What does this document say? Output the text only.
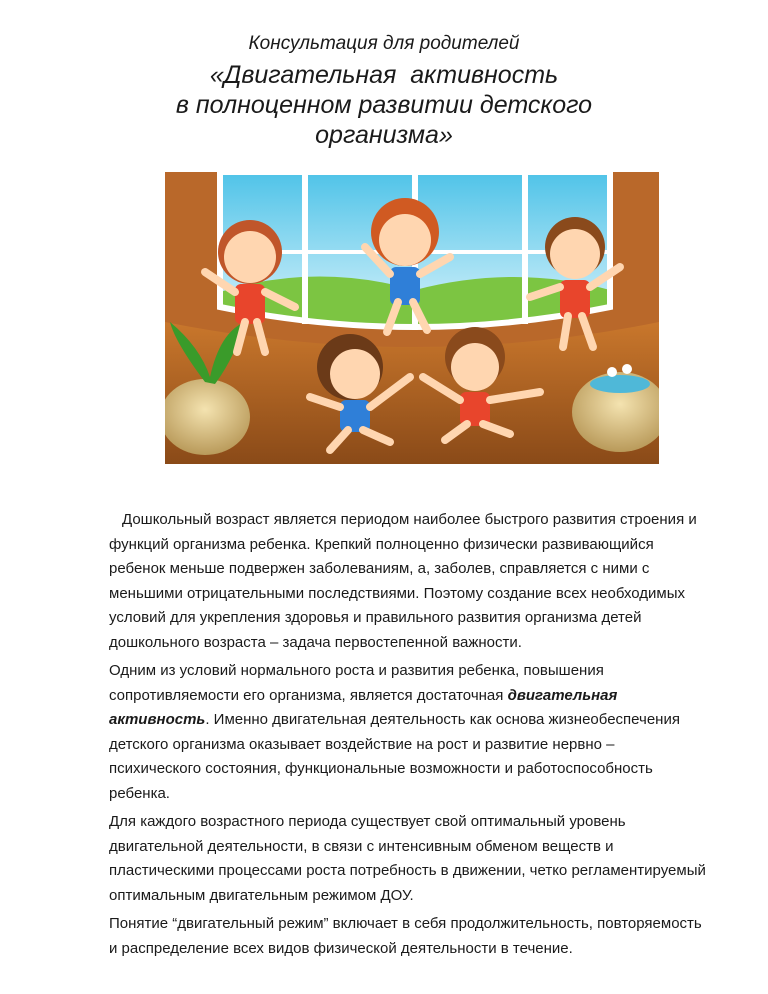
Консультация для родителей
«Двигательная  активность
в полноценном развитии детского
организма»

Дошкольный возраст является периодом наиболее быстрого развития строения и функций организма ребенка. Крепкий полноценно физически развивающийся ребенок меньше подвержен заболеваниям, а, заболев, справляется с ними с меньшими отрицательными последствиями. Поэтому создание всех необходимых условий для укрепления здоровья и правильного развития организма детей дошкольного возраста – задача первостепенной важности.

Одним из условий нормального роста и развития ребенка, повышения сопротивляемости его организма, является достаточная двигательная активность. Именно двигательная деятельность как основа жизнеобеспечения детского организма оказывает воздействие на рост и развитие нервно – психического состояния, функциональные возможности и работоспособность ребенка.

Для каждого возрастного периода существует свой оптимальный уровень двигательной деятельности, в связи с интенсивным обменом веществ и пластическими процессами роста потребность в движении, четко регламентируемый оптимальным двигательным режимом ДОУ.

Понятие “двигательный режим” включает в себя продолжительность, повторяемость и распределение всех видов физической деятельности в течение.
